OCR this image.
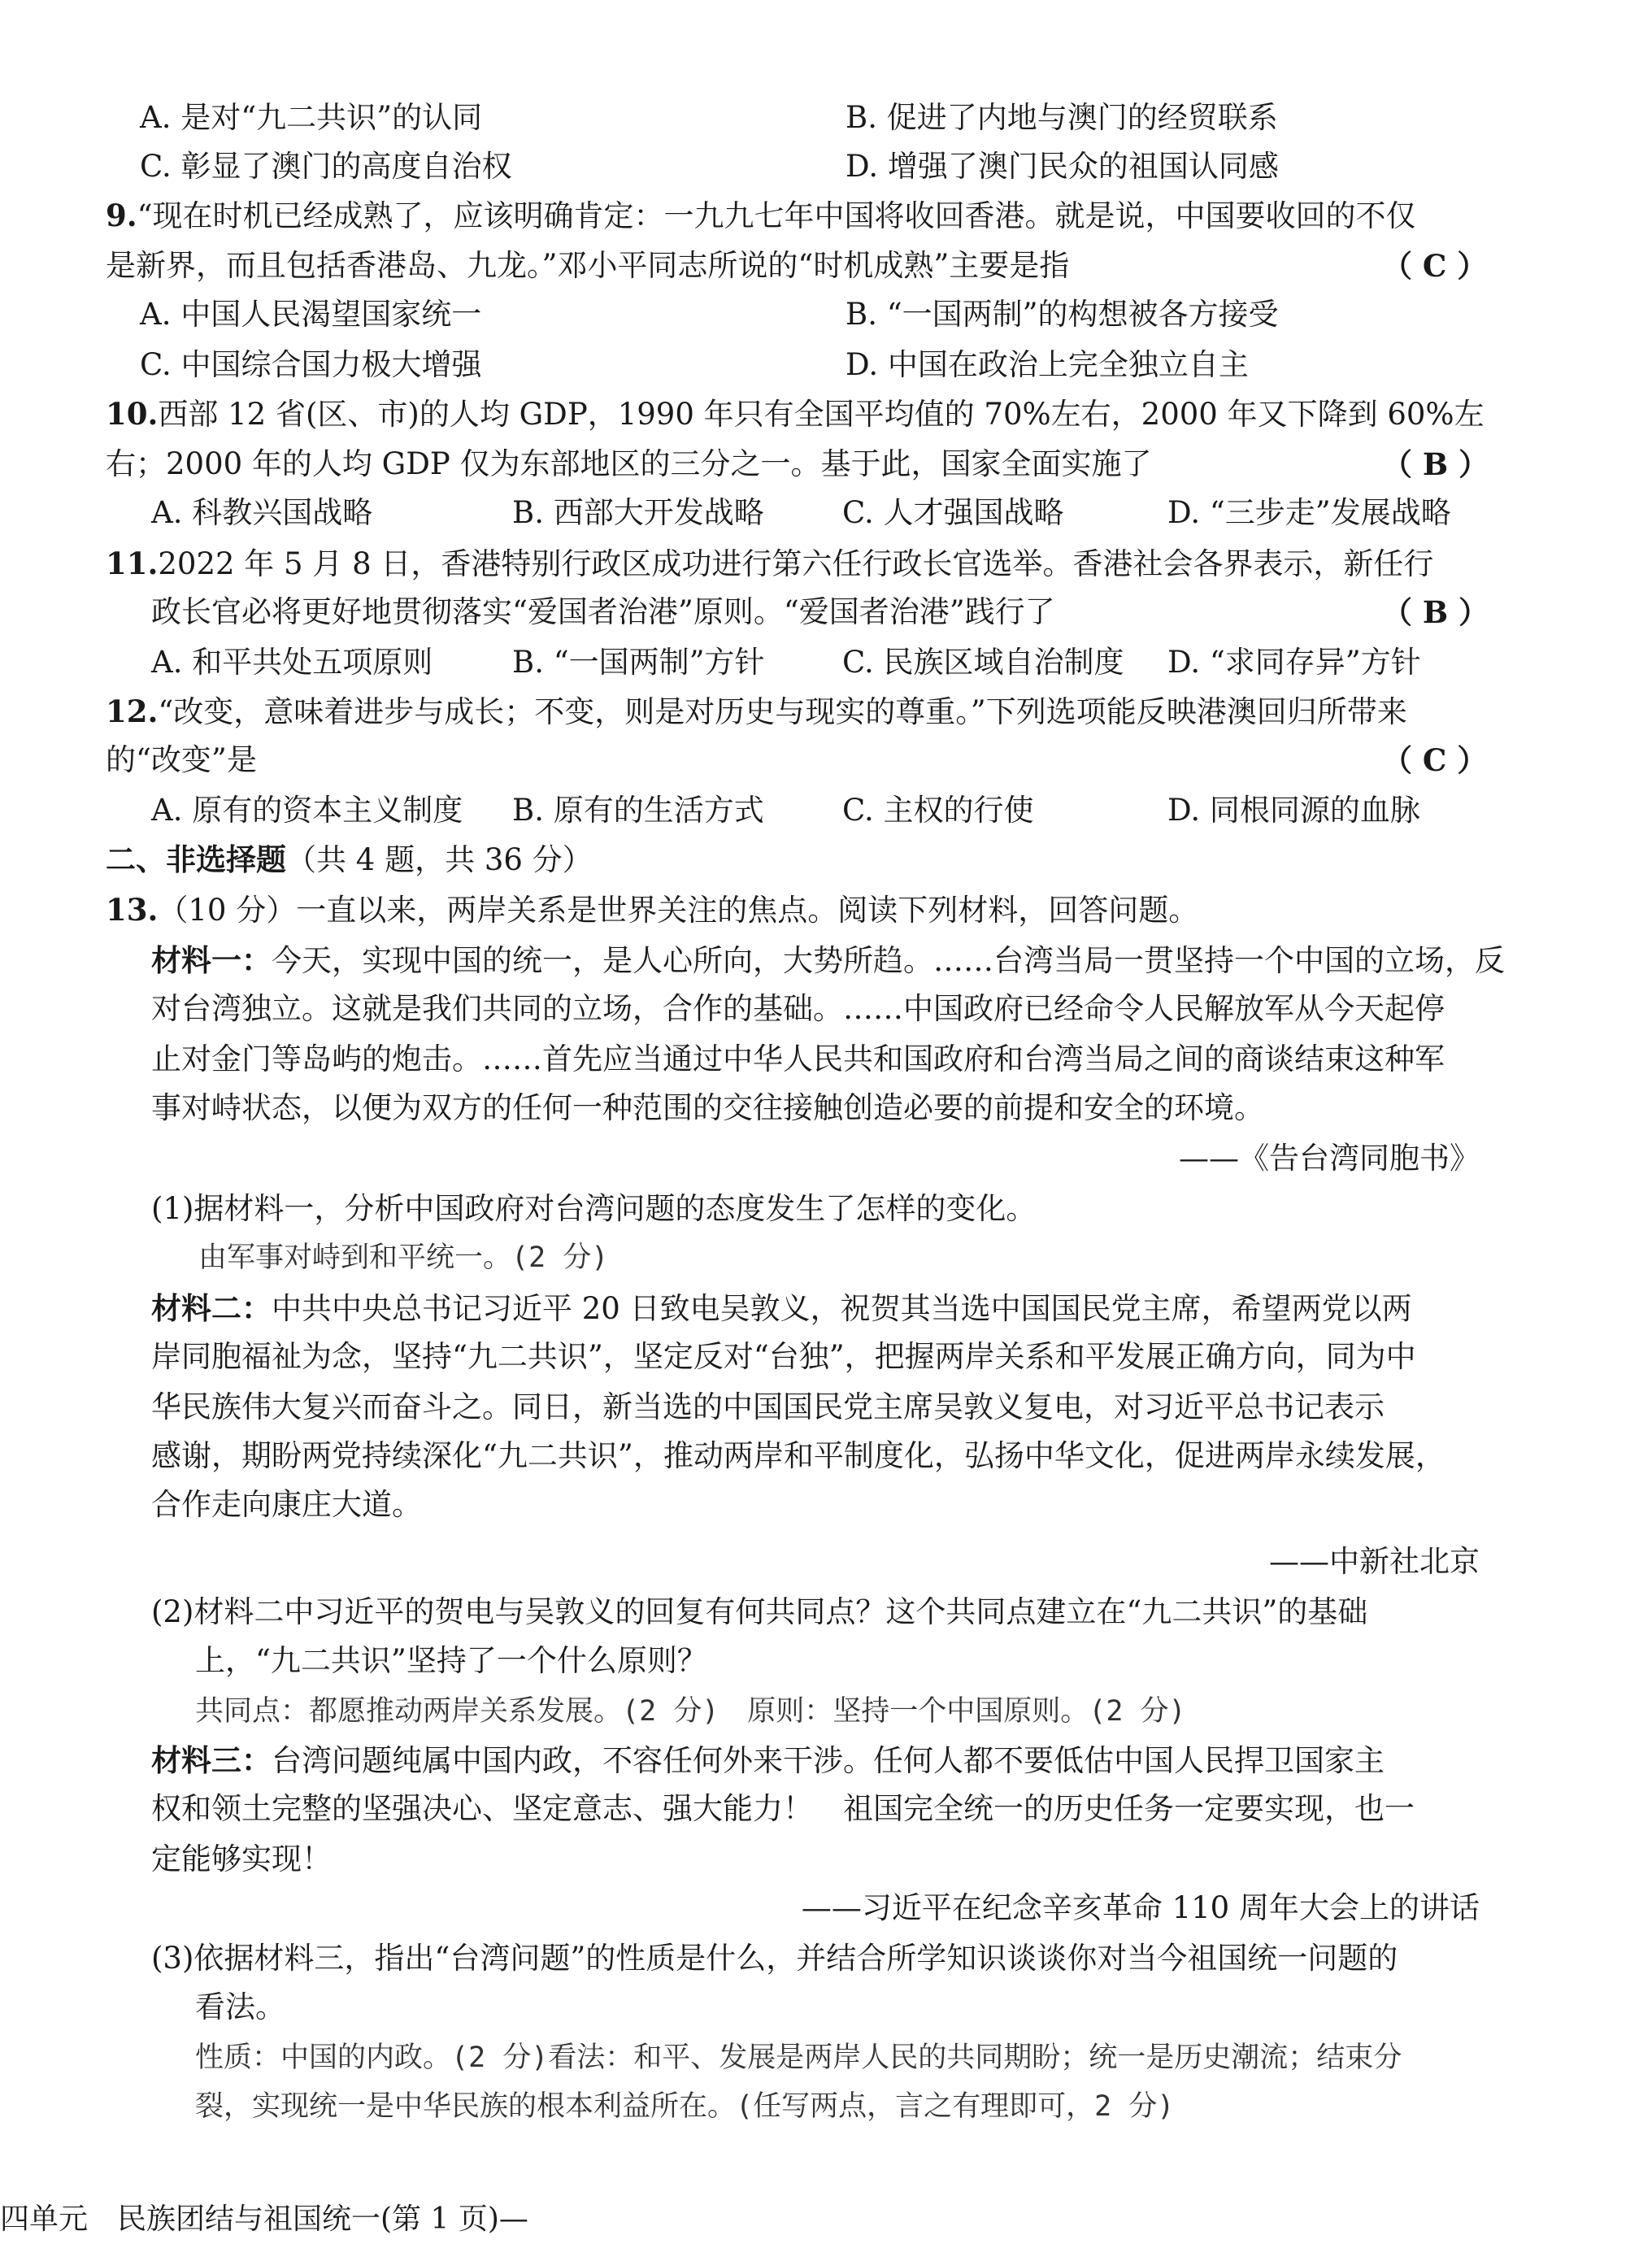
A. 是对“九二共识”的认同	B. 促进了内地与澳门的经贸联系
C. 彰显了澳门的高度自治权	D. 增强了澳门民众的祖国认同感
9.“现在时机已经成熟了，应该明确肯定：一九九七年中国将收回香港。就是说，中国要收回的不仅
是新界，而且包括香港岛、九龙。”邓小平同志所说的“时机成熟”主要是指	（ C ）
A. 中国人民渴望国家统一	B. “一国两制”的构想被各方接受
C. 中国综合国力极大增强	D. 中国在政治上完全独立自主
10.西部 12 省(区、市)的人均 GDP，1990 年只有全国平均值的 70%左右，2000 年又下降到 60%左
右；2000 年的人均 GDP 仅为东部地区的三分之一。基于此，国家全面实施了	（ B ）
A. 科教兴国战略	B. 西部大开发战略	C. 人才强国战略	D. “三步走”发展战略
11.2022 年 5 月 8 日，香港特别行政区成功进行第六任行政长官选举。香港社会各界表示，新任行
政长官必将更好地贯彻落实“爱国者治港”原则。“爱国者治港”践行了	（ B ）
A. 和平共处五项原则	B. “一国两制”方针	C. 民族区域自治制度 D. “求同存异”方针
12.“改变，意味着进步与成长；不变，则是对历史与现实的尊重。”下列选项能反映港澳回归所带来
的“改变”是	（ C ）
A. 原有的资本主义制度 B. 原有的生活方式	C. 主权的行使	D. 同根同源的血脉
二、非选择题（共 4 题，共 36 分）
13.（10 分）一直以来，两岸关系是世界关注的焦点。阅读下列材料，回答问题。
材料一：今天，实现中国的统一，是人心所向，大势所趋。……台湾当局一贯坚持一个中国的立场，反
对台湾独立。这就是我们共同的立场，合作的基础。……中国政府已经命令人民解放军从今天起停
止对金门等岛屿的炮击。……首先应当通过中华人民共和国政府和台湾当局之间的商谈结束这种军
事对峙状态，以便为双方的任何一种范围的交往接触创造必要的前提和安全的环境。
——《告台湾同胞书》
(1)据材料一，分析中国政府对台湾问题的态度发生了怎样的变化。
由军事对峙到和平统一。(2 分)
材料二：中共中央总书记习近平 20 日致电吴敦义，祝贺其当选中国国民党主席，希望两党以两
岸同胞福祉为念，坚持“九二共识”，坚定反对“台独”，把握两岸关系和平发展正确方向，同为中
华民族伟大复兴而奋斗之。同日，新当选的中国国民党主席吴敦义复电，对习近平总书记表示
感谢，期盼两党持续深化“九二共识”，推动两岸和平制度化，弘扬中华文化，促进两岸永续发展，
合作走向康庄大道。
——中新社北京
(2)材料二中习近平的贺电与吴敦义的回复有何共同点？这个共同点建立在“九二共识”的基础
上，“九二共识”坚持了一个什么原则？
共同点：都愿推动两岸关系发展。(2 分)　原则：坚持一个中国原则。(2 分)
材料三：台湾问题纯属中国内政，不容任何外来干涉。任何人都不要低估中国人民捍卫国家主
权和领土完整的坚强决心、坚定意志、强大能力！　祖国完全统一的历史任务一定要实现，也一
定能够实现！
——习近平在纪念辛亥革命 110 周年大会上的讲话
(3)依据材料三，指出“台湾问题”的性质是什么，并结合所学知识谈谈你对当今祖国统一问题的
看法。
性质：中国的内政。(2 分)看法：和平、发展是两岸人民的共同期盼；统一是历史潮流；结束分
裂，实现统一是中华民族的根本利益所在。(任写两点，言之有理即可，2 分)
四单元　民族团结与祖国统一(第 1 页)—
